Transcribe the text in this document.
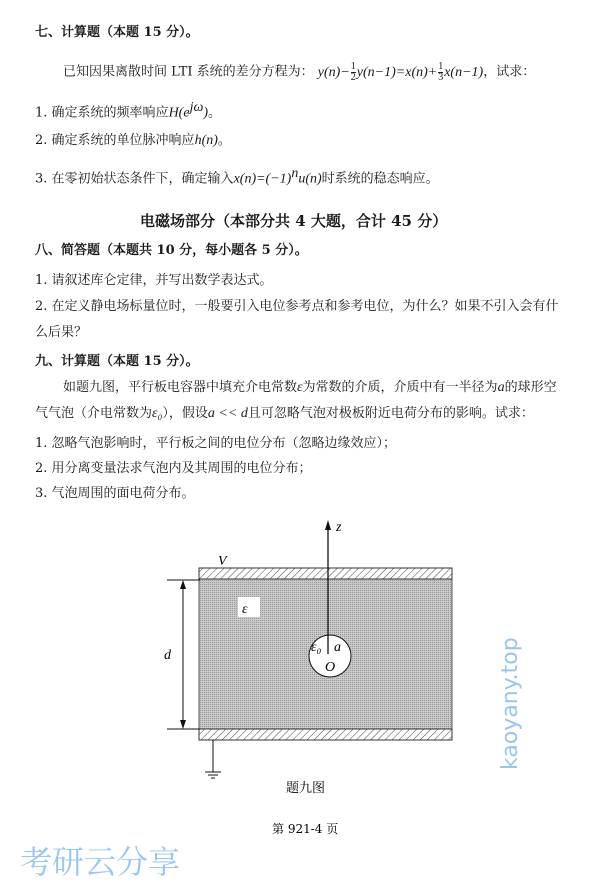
七、计算题（本题 15 分）。
已知因果离散时间 LTI 系统的差分方程为： $y(n)- \frac{1}{2} y(n-1)=x(n)+ \frac{1}{3} x(n-1)$，试求：
1. 确定系统的频率响应$H(e^{j\omega})$。
2. 确定系统的单位脉冲响应h(n)。
3. 在零初始状态条件下，确定输入$x(n)=(-1)^nu(n)$时系统的稳态响应。
电磁场部分（本部分共 4 大题，合计 45 分）
八、简答题（本题共 10 分，每小题各 5 分）。
1. 请叙述库仑定律，并写出数学表达式。
2. 在定义静电场标量位时，一般要引入电位参考点和参考电位，为什么？如果不引入会有什
么后果？
九、计算题（本题 15 分）。
如题九图，平行板电容器中填充介电常数ε为常数的介质，介质中有一半径为a的球形空
气气泡（介电常数为ε₀），假设a << d且可忽略气泡对极板附近电荷分布的影响。试求：
1. 忽略气泡影响时，平行板之间的电位分布（忽略边缘效应）；
2. 用分离变量法求气泡内及其周围的电位分布；
3. 气泡周围的面电荷分布。
z
V
ε
d
ε₀ a
O
题九图
第 921-4 页
考研云分享
kaoyany.top
